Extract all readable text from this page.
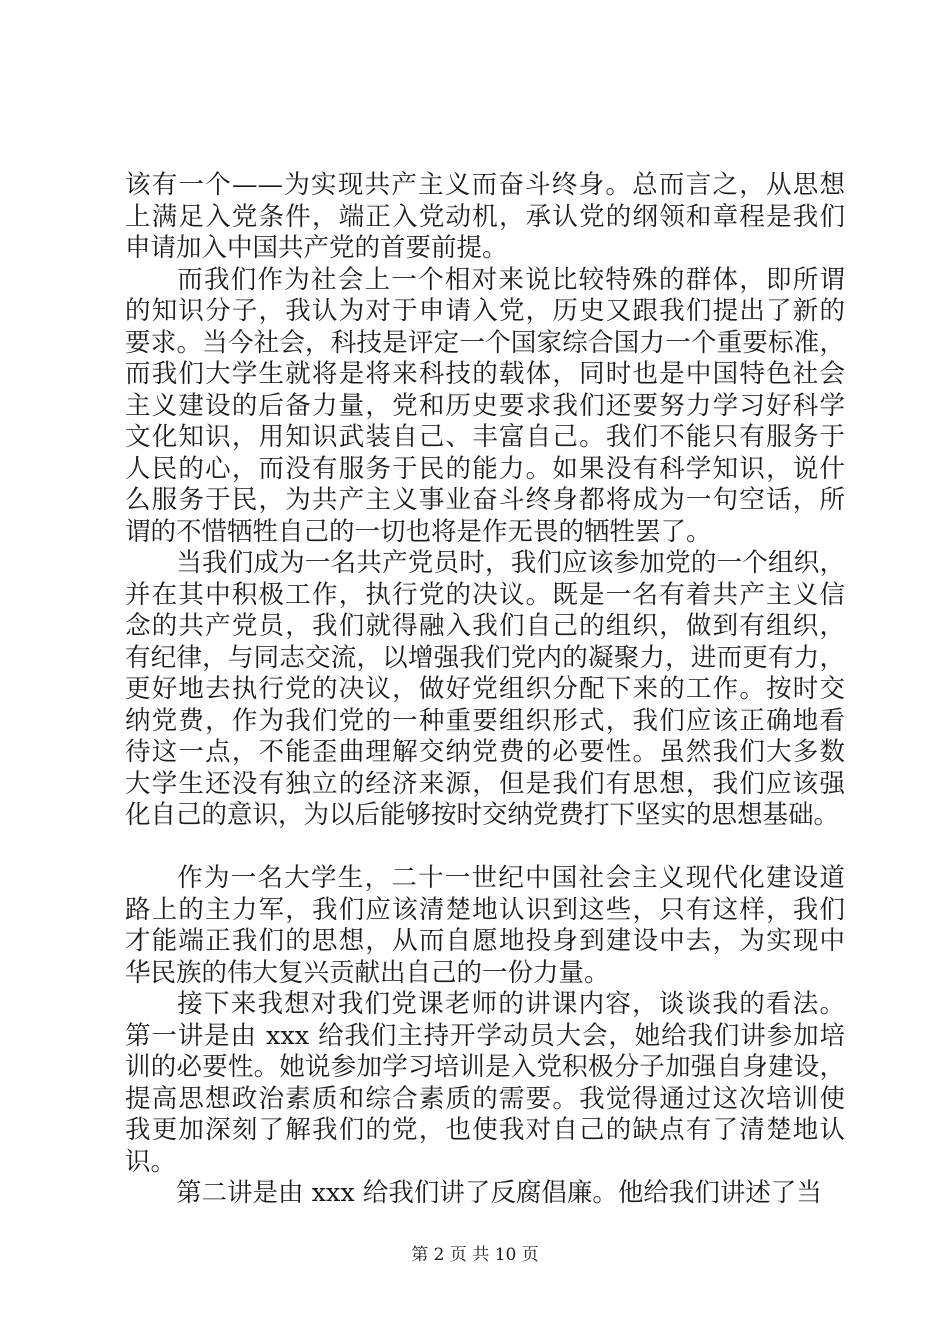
该有一个——为实现共产主义而奋斗终身。总而言之，从思想
上满足入党条件，端正入党动机，承认党的纲领和章程是我们
申请加入中国共产党的首要前提。
而我们作为社会上一个相对来说比较特殊的群体，即所谓
的知识分子，我认为对于申请入党，历史又跟我们提出了新的
要求。当今社会，科技是评定一个国家综合国力一个重要标准，
而我们大学生就将是将来科技的载体，同时也是中国特色社会
主义建设的后备力量，党和历史要求我们还要努力学习好科学
文化知识，用知识武装自己、丰富自己。我们不能只有服务于
人民的心，而没有服务于民的能力。如果没有科学知识，说什
么服务于民，为共产主义事业奋斗终身都将成为一句空话，所
谓的不惜牺牲自己的一切也将是作无畏的牺牲罢了。
当我们成为一名共产党员时，我们应该参加党的一个组织，
并在其中积极工作，执行党的决议。既是一名有着共产主义信
念的共产党员，我们就得融入我们自己的组织，做到有组织，
有纪律，与同志交流，以增强我们党内的凝聚力，进而更有力，
更好地去执行党的决议，做好党组织分配下来的工作。按时交
纳党费，作为我们党的一种重要组织形式，我们应该正确地看
待这一点，不能歪曲理解交纳党费的必要性。虽然我们大多数
大学生还没有独立的经济来源，但是我们有思想，我们应该强
化自己的意识，为以后能够按时交纳党费打下坚实的思想基础。
作为一名大学生，二十一世纪中国社会主义现代化建设道
路上的主力军，我们应该清楚地认识到这些，只有这样，我们
才能端正我们的思想，从而自愿地投身到建设中去，为实现中
华民族的伟大复兴贡献出自己的一份力量。
接下来我想对我们党课老师的讲课内容，谈谈我的看法。
第一讲是由 xxx 给我们主持开学动员大会，她给我们讲参加培
训的必要性。她说参加学习培训是入党积极分子加强自身建设，
提高思想政治素质和综合素质的需要。我觉得通过这次培训使
我更加深刻了解我们的党，也使我对自己的缺点有了清楚地认
识。
第二讲是由 xxx 给我们讲了反腐倡廉。他给我们讲述了当
第 2 页 共 10 页
